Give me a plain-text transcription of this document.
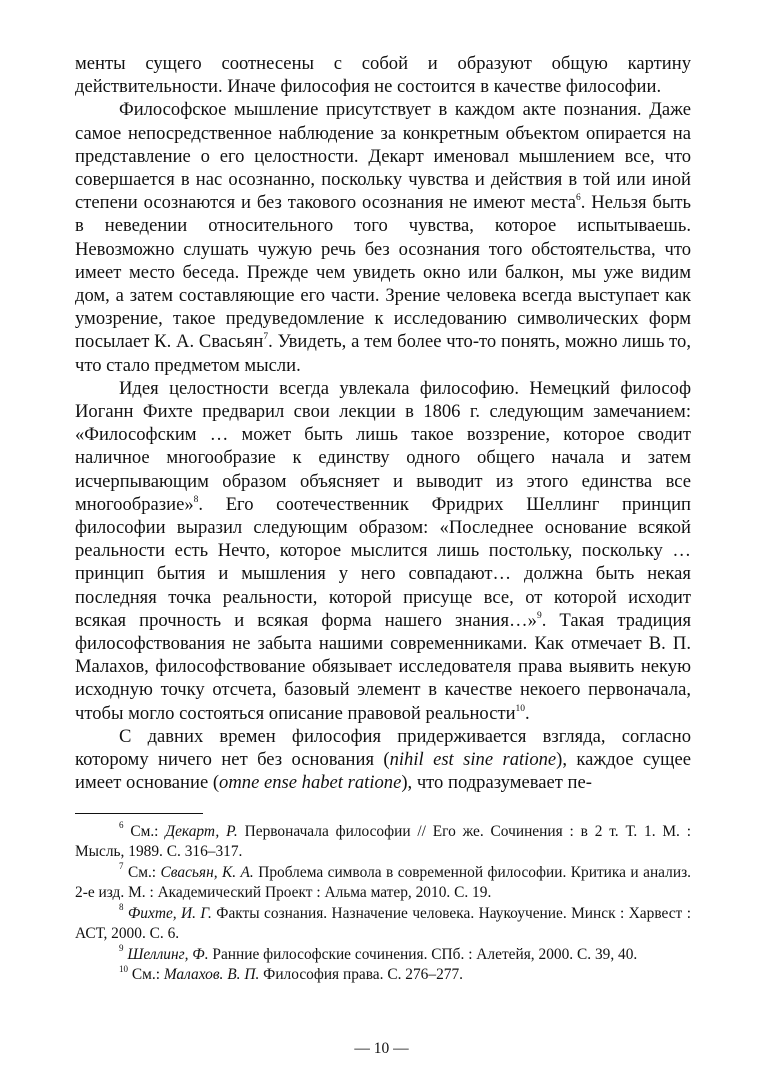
менты сущего соотнесены с собой и образуют общую картину действительности. Иначе философия не состоится в качестве философии.

Философское мышление присутствует в каждом акте познания. Даже самое непосредственное наблюдение за конкретным объектом опирается на представление о его целостности. Декарт именовал мышлением все, что совершается в нас осознанно, поскольку чувства и действия в той или иной степени осознаются и без такового осознания не имеют места$^6$. Нельзя быть в неведении относительного того чувства, которое испытываешь. Невозможно слушать чужую речь без осознания того обстоятельства, что имеет место беседа. Прежде чем увидеть окно или балкон, мы уже видим дом, а затем составляющие его части. Зрение человека всегда выступает как умозрение, такое предуведомление к исследованию символических форм посылает К. А. Свасьян$^7$. Увидеть, а тем более что-то понять, можно лишь то, что стало предметом мысли.

Идея целостности всегда увлекала философию. Немецкий философ Иоганн Фихте предварил свои лекции в 1806 г. следующим замечанием: «Философским … может быть лишь такое воззрение, которое сводит наличное многообразие к единству одного общего начала и затем исчерпывающим образом объясняет и выводит из этого единства все многообразие»$^8$. Его соотечественник Фридрих Шеллинг принцип философии выразил следующим образом: «Последнее основание всякой реальности есть Нечто, которое мыслится лишь постольку, поскольку … принцип бытия и мышления у него совпадают… должна быть некая последняя точка реальности, которой присуще все, от которой исходит всякая прочность и всякая форма нашего знания…»$^9$. Такая традиция философствования не забыта нашими современниками. Как отмечает В. П. Малахов, философствование обязывает исследователя права выявить некую исходную точку отсчета, базовый элемент в качестве некоего первоначала, чтобы могло состояться описание правовой реальности$^{10}$.

С давних времен философия придерживается взгляда, согласно которому ничего нет без основания (nihil est sine ratione), каждое сущее имеет основание (omne ense habet ratione), что подразумевает пе-

$^6$ См.: Декарт, Р. Первоначала философии // Его же. Сочинения : в 2 т. Т. 1. М. : Мысль, 1989. С. 316–317.

$^7$ См.: Свасьян, К. А. Проблема символа в современной философии. Критика и анализ. 2-е изд. М. : Академический Проект : Альма матер, 2010. С. 19.

$^8$ Фихте, И. Г. Факты сознания. Назначение человека. Наукоучение. Минск : Харвест : АСТ, 2000. С. 6.

$^9$ Шеллинг, Ф. Ранние философские сочинения. СПб. : Алетейя, 2000. С. 39, 40.

$^{10}$ См.: Малахов. В. П. Философия права. С. 276–277.

— 10 —
